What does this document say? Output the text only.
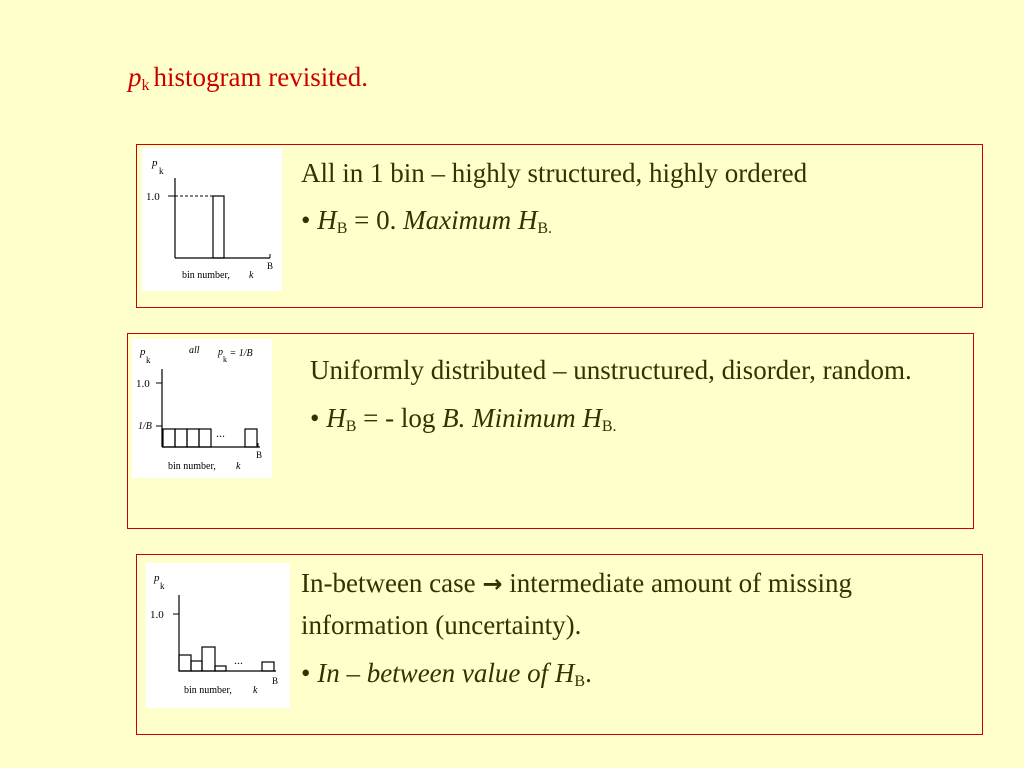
$p_k$ histogram revisited.
p
k
1.0
B
bin number, k

All in 1 bin – highly structured, highly ordered

• $H_B = 0$. Maximum $H_{B.}$

p
k
all p
k
= 1/B
1.0
1/B	...
B
bin number, k

Uniformly distributed – unstructured, disorder, random.

• $H_B$ = - log B. Minimum $H_{B.}$

p
k
1.0
...
B
bin number, k

In-between case → intermediate amount of missing information (uncertainty).

• In – between value of $H_B$.
